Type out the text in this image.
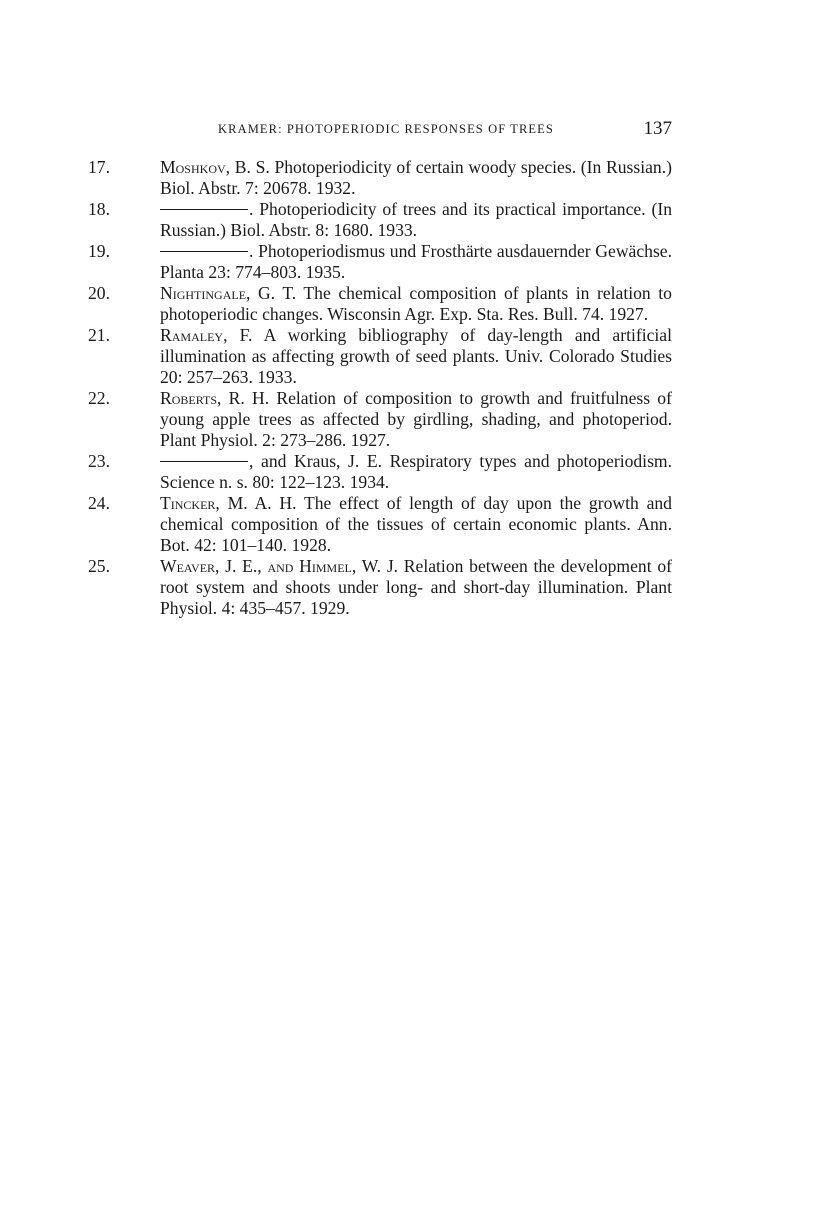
KRAMER: PHOTOPERIODIC RESPONSES OF TREES	137
17.	Moshkov, B. S. Photoperiodicity of certain woody species. (In Russian.) Biol. Abstr. 7: 20678. 1932.
18.	. Photoperiodicity of trees and its practical importance. (In Russian.) Biol. Abstr. 8: 1680. 1933.
19.	. Photoperiodismus und Frosthärte ausdauernder Gewächse. Planta 23: 774–803. 1935.
20.	Nightingale, G. T. The chemical composition of plants in relation to photoperiodic changes. Wisconsin Agr. Exp. Sta. Res. Bull. 74. 1927.
21.	Ramaley, F. A working bibliography of day-length and artificial illumination as affecting growth of seed plants. Univ. Colorado Studies 20: 257–263. 1933.
22.	Roberts, R. H. Relation of composition to growth and fruitfulness of young apple trees as affected by girdling, shading, and photoperiod. Plant Physiol. 2: 273–286. 1927.
23.	, and Kraus, J. E. Respiratory types and photoperiodism. Science n. s. 80: 122–123. 1934.
24.	Tincker, M. A. H. The effect of length of day upon the growth and chemical composition of the tissues of certain economic plants. Ann. Bot. 42: 101–140. 1928.
25.	Weaver, J. E., and Himmel, W. J. Relation between the development of root system and shoots under long- and short-day illumination. Plant Physiol. 4: 435–457. 1929.
